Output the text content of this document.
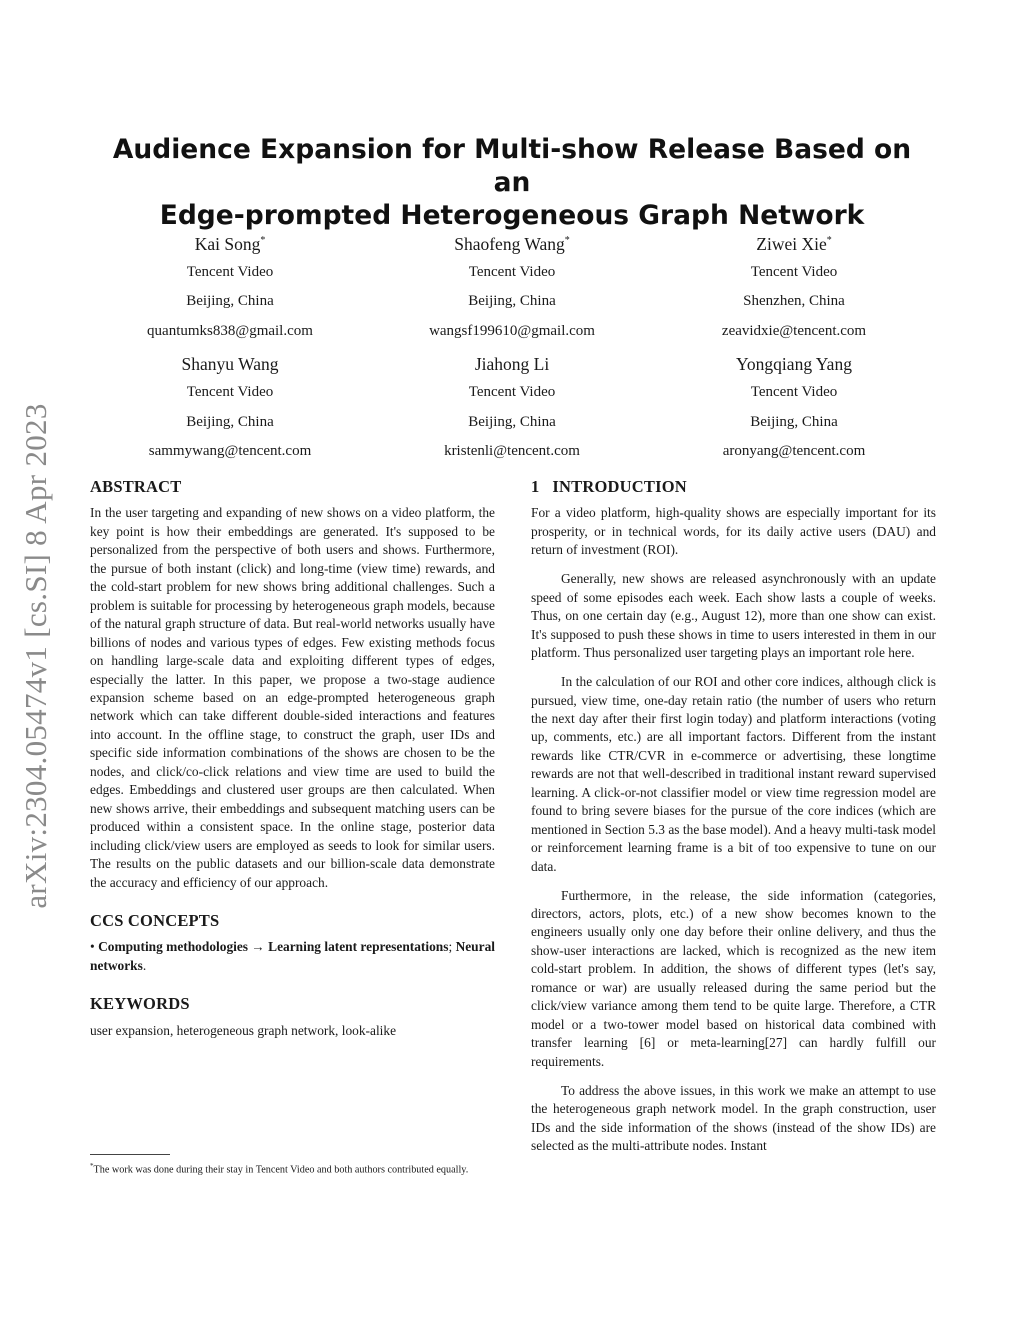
arXiv:2304.05474v1 [cs.SI] 8 Apr 2023
Audience Expansion for Multi-show Release Based on an
Edge-prompted Heterogeneous Graph Network
Kai Song*
Tencent Video
Beijing, China
quantumks838@gmail.com
Shaofeng Wang*
Tencent Video
Beijing, China
wangsf199610@gmail.com
Ziwei Xie*
Tencent Video
Shenzhen, China
zeavidxie@tencent.com
Shanyu Wang
Tencent Video
Beijing, China
sammywang@tencent.com
Jiahong Li
Tencent Video
Beijing, China
kristenli@tencent.com
Yongqiang Yang
Tencent Video
Beijing, China
aronyang@tencent.com
ABSTRACT

In the user targeting and expanding of new shows on a video platform, the key point is how their embeddings are generated. It's supposed to be personalized from the perspective of both users and shows. Furthermore, the pursue of both instant (click) and long-time (view time) rewards, and the cold-start problem for new shows bring additional challenges. Such a problem is suitable for processing by heterogeneous graph models, because of the natural graph structure of data. But real-world networks usually have billions of nodes and various types of edges. Few existing methods focus on handling large-scale data and exploiting different types of edges, especially the latter. In this paper, we propose a two-stage audience expansion scheme based on an edge-prompted heterogeneous graph network which can take different double-sided interactions and features into account. In the offline stage, to construct the graph, user IDs and specific side information combinations of the shows are chosen to be the nodes, and click/co-click relations and view time are used to build the edges. Embeddings and clustered user groups are then calculated. When new shows arrive, their embeddings and subsequent matching users can be produced within a consistent space. In the online stage, posterior data including click/view users are employed as seeds to look for similar users. The results on the public datasets and our billion-scale data demonstrate the accuracy and efficiency of our approach.

CCS CONCEPTS

• Computing methodologies → Learning latent representations; Neural networks.

KEYWORDS

user expansion, heterogeneous graph network, look-alike

*The work was done during their stay in Tencent Video and both authors contributed equally.
1   INTRODUCTION

For a video platform, high-quality shows are especially important for its prosperity, or in technical words, for its daily active users (DAU) and return of investment (ROI).

Generally, new shows are released asynchronously with an update speed of some episodes each week. Each show lasts a couple of weeks. Thus, on one certain day (e.g., August 12), more than one show can exist. It's supposed to push these shows in time to users interested in them in our platform. Thus personalized user targeting plays an important role here.

In the calculation of our ROI and other core indices, although click is pursued, view time, one-day retain ratio (the number of users who return the next day after their first login today) and platform interactions (voting up, comments, etc.) are all important factors. Different from the instant rewards like CTR/CVR in e-commerce or advertising, these longtime rewards are not that well-described in traditional instant reward supervised learning. A click-or-not classifier model or view time regression model are found to bring severe biases for the pursue of the core indices (which are mentioned in Section 5.3 as the base model). And a heavy multi-task model or reinforcement learning frame is a bit of too expensive to tune on our data.

Furthermore, in the release, the side information (categories, directors, actors, plots, etc.) of a new show becomes known to the engineers usually only one day before their online delivery, and thus the show-user interactions are lacked, which is recognized as the new item cold-start problem. In addition, the shows of different types (let's say, romance or war) are usually released during the same period but the click/view variance among them tend to be quite large. Therefore, a CTR model or a two-tower model based on historical data combined with transfer learning [6] or meta-learning[27] can hardly fulfill our requirements.

To address the above issues, in this work we make an attempt to use the heterogeneous graph network model. In the graph construction, user IDs and the side information of the shows (instead of the show IDs) are selected as the multi-attribute nodes. Instant
